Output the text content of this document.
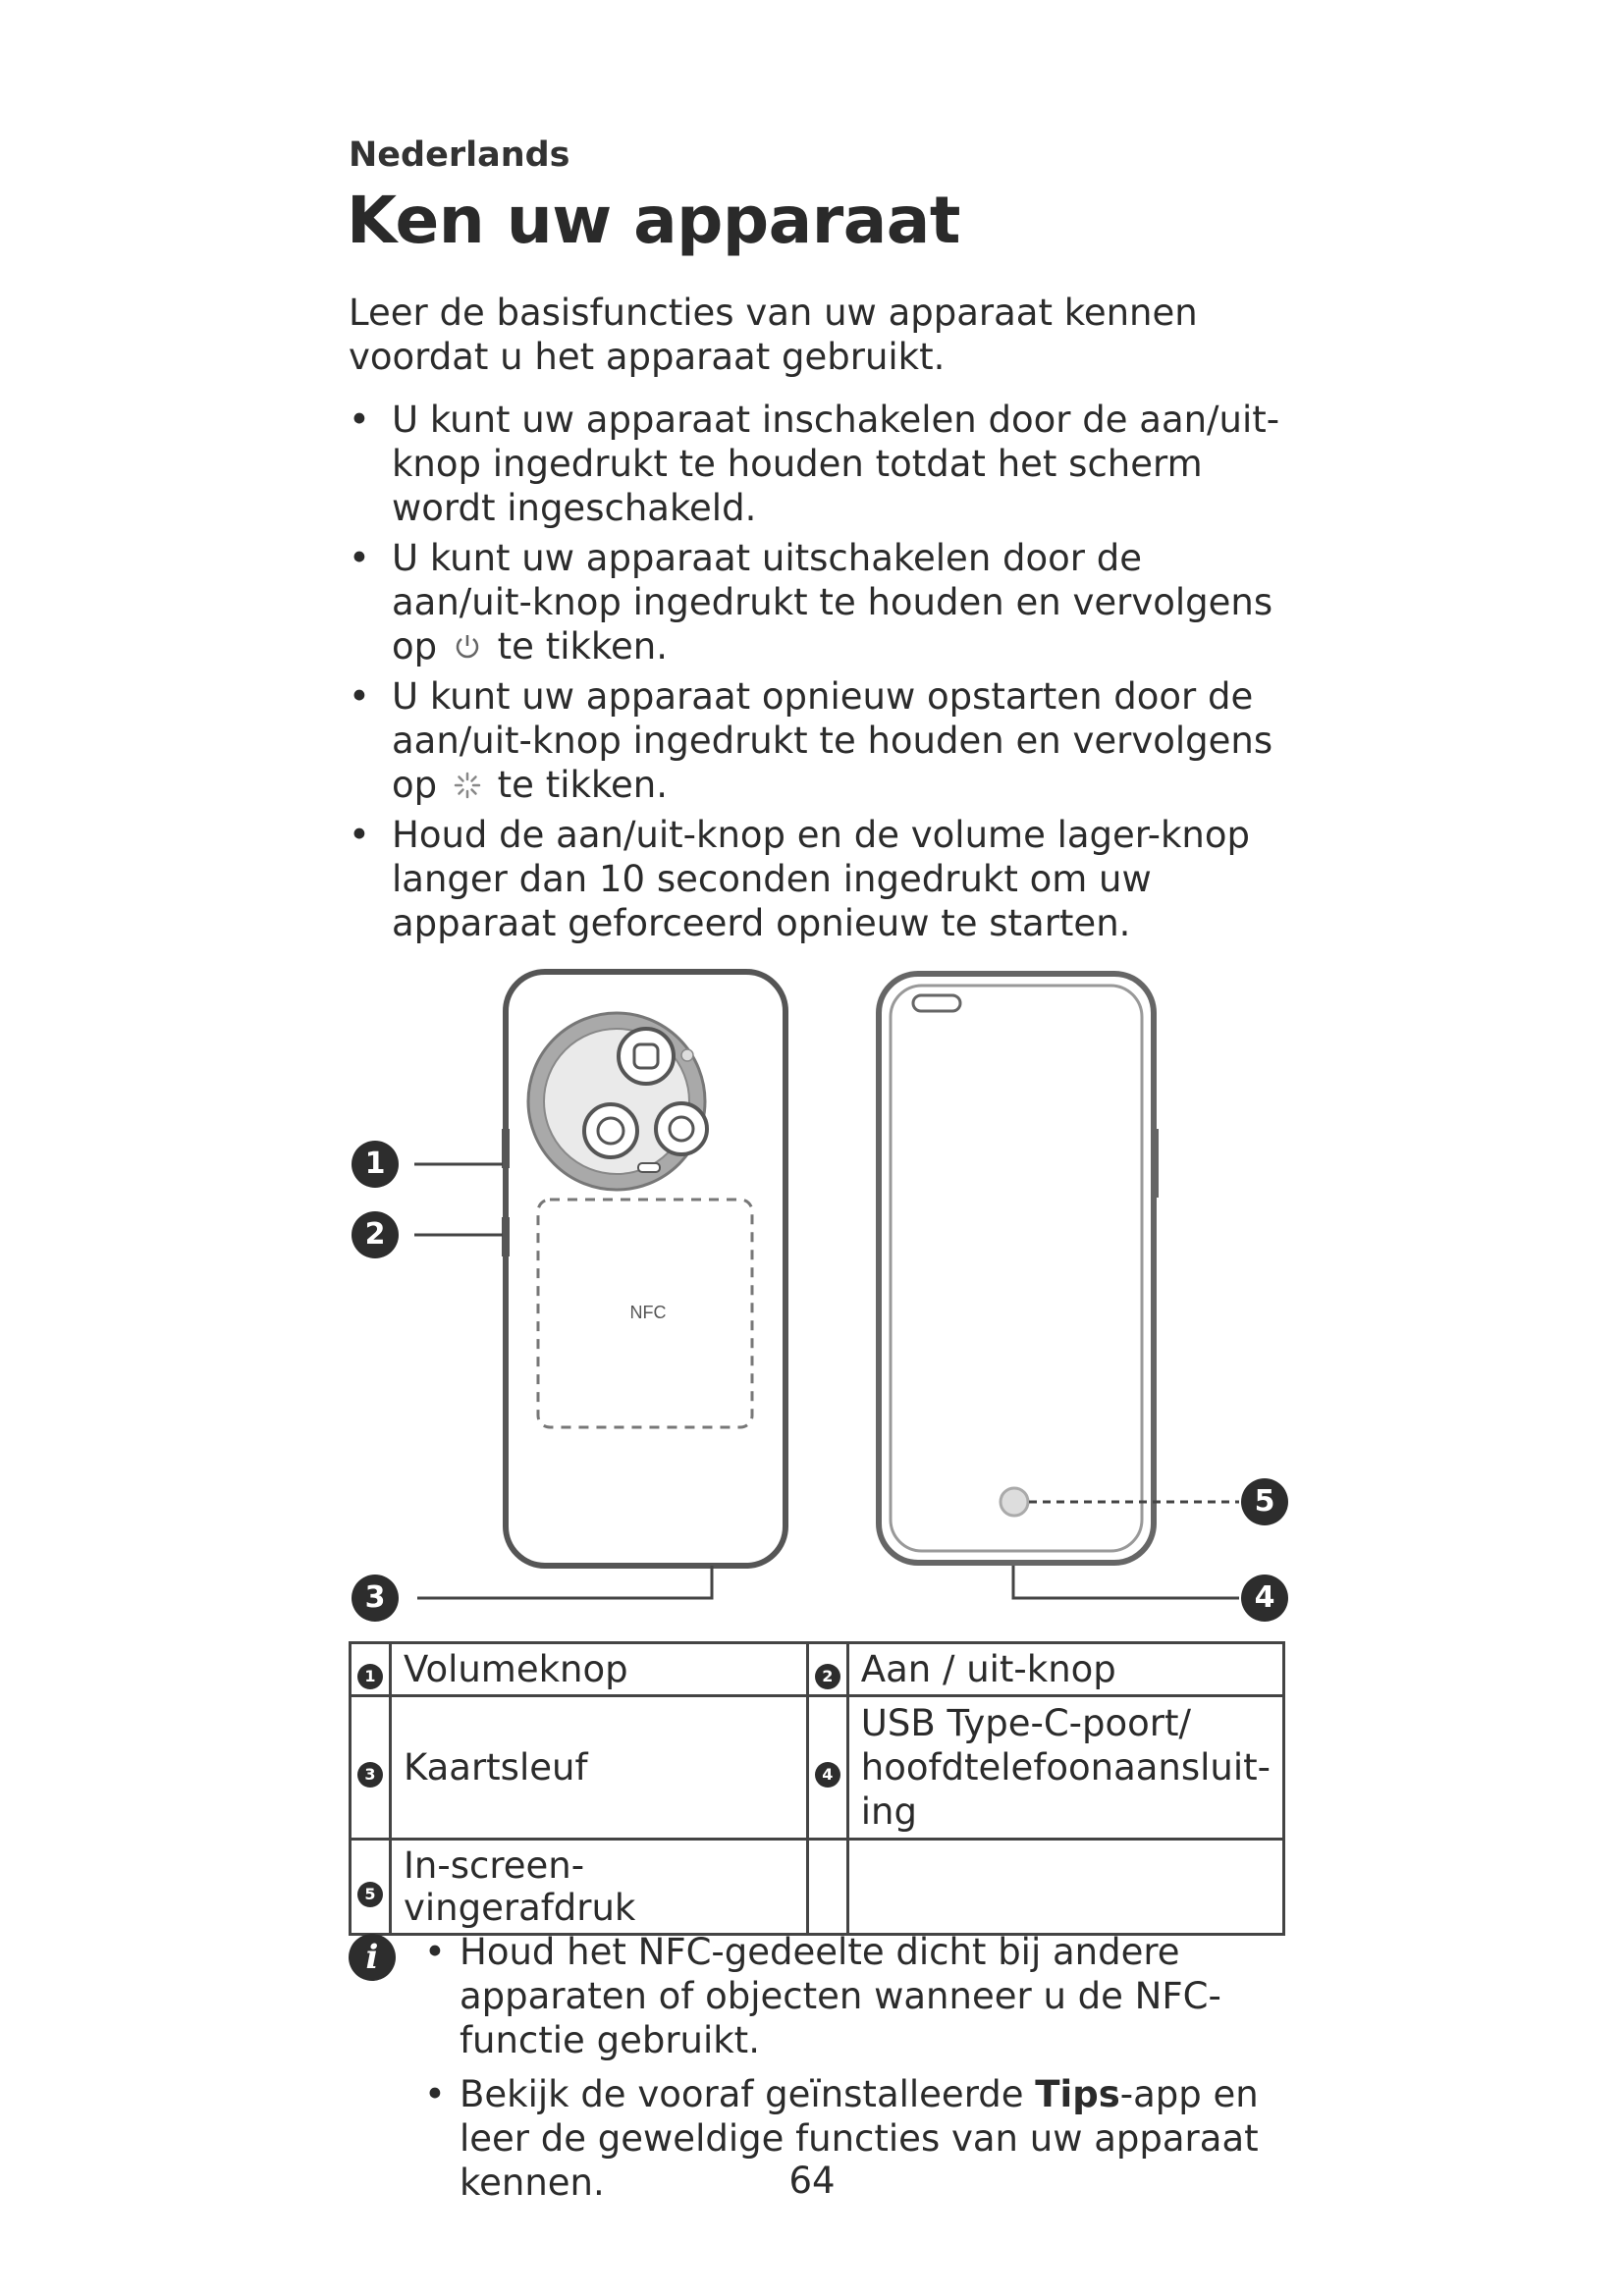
Nederlands
Ken uw apparaat
Leer de basisfuncties van uw apparaat kennen voordat u het apparaat gebruikt.
• U kunt uw apparaat inschakelen door de aan/uit-knop ingedrukt te houden totdat het scherm wordt ingeschakeld.
• U kunt uw apparaat uitschakelen door de aan/uit-knop ingedrukt te houden en vervolgens op te tikken.
• U kunt uw apparaat opnieuw opstarten door de aan/uit-knop ingedrukt te houden en vervolgens op te tikken.
• Houd de aan/uit-knop en de volume lager-knop langer dan 10 seconden ingedrukt om uw apparaat geforceerd opnieuw te starten.
NFC
1
2
3	4
5
1	Volumeknop	2	Aan / uit-knop
3	Kaartsleuf	4	USB Type-C-poort/ hoofdtelefoonaansluit-ing
5	In-screen-vingerafdruk		
i	• Houd het NFC-gedeelte dicht bij andere apparaten of objecten wanneer u de NFC-functie gebruikt.
• Bekijk de vooraf geïnstalleerde Tips-app en leer de geweldige functies van uw apparaat kennen.	64
